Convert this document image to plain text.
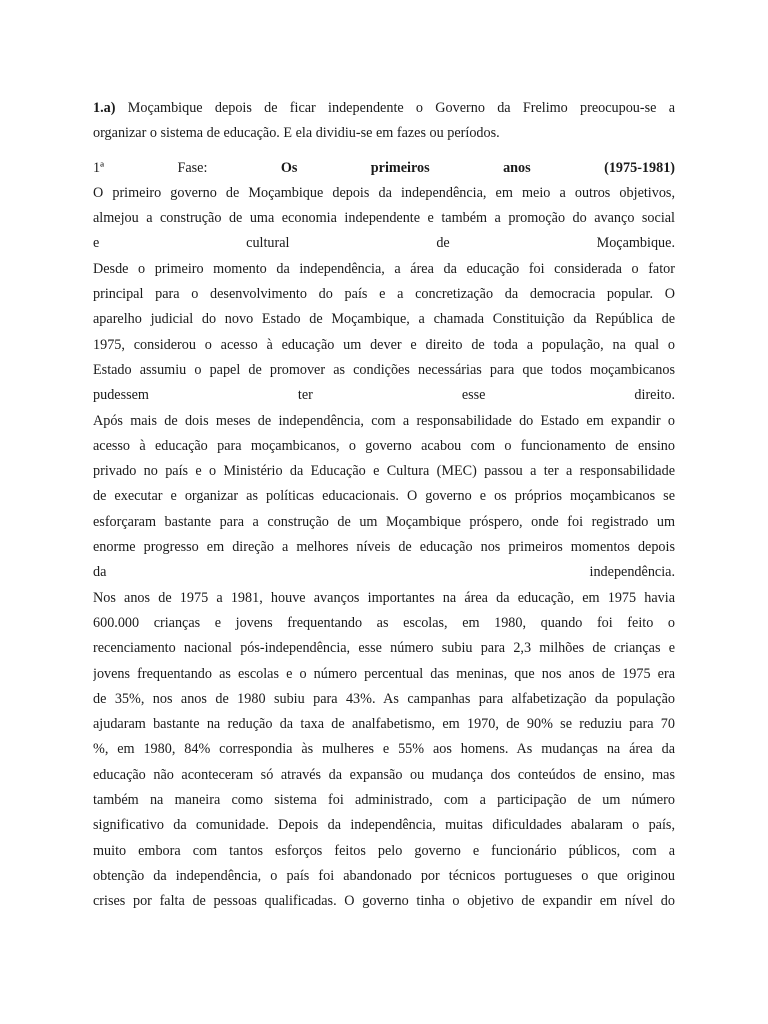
1.a) Moçambique depois de ficar independente o Governo da Frelimo preocupou-se a
organizar o sistema de educação. E ela dividiu-se em fazes ou períodos.
1ª	Fase:	Os	primeiros	anos	(1975-1981)
O primeiro governo de Moçambique depois da independência, em meio a outros objetivos,
almejou a construção de uma economia independente e também a promoção do avanço social
e cultural de Moçambique.
Desde o primeiro momento da independência, a área da educação foi considerada o fator
principal para o desenvolvimento do país e a concretização da democracia popular. O
aparelho judicial do novo Estado de Moçambique, a chamada Constituição da República de
1975, considerou o acesso à educação um dever e direito de toda a população, na qual o
Estado assumiu o papel de promover as condições necessárias para que todos moçambicanos
pudessem ter esse direito.
Após mais de dois meses de independência, com a responsabilidade do Estado em expandir o
acesso à educação para moçambicanos, o governo acabou com o funcionamento de ensino
privado no país e o Ministério da Educação e Cultura (MEC) passou a ter a responsabilidade
de executar e organizar as políticas educacionais. O governo e os próprios moçambicanos se
esforçaram bastante para a construção de um Moçambique próspero, onde foi registrado um
enorme progresso em direção a melhores níveis de educação nos primeiros momentos depois
da independência.
Nos anos de 1975 a 1981, houve avanços importantes na área da educação, em 1975 havia
600.000 crianças e jovens frequentando as escolas, em 1980, quando foi feito o
recenciamento nacional pós-independência, esse número subiu para 2,3 milhões de crianças e
jovens frequentando as escolas e o número percentual das meninas, que nos anos de 1975 era
de 35%, nos anos de 1980 subiu para 43%. As campanhas para alfabetização da população
ajudaram bastante na redução da taxa de analfabetismo, em 1970, de 90% se reduziu para 70
%, em 1980, 84% correspondia às mulheres e 55% aos homens. As mudanças na área da
educação não aconteceram só através da expansão ou mudança dos conteúdos de ensino, mas
também na maneira como sistema foi administrado, com a participação de um número
significativo da comunidade. Depois da independência, muitas dificuldades abalaram o país,
muito embora com tantos esforços feitos pelo governo e funcionário públicos, com a
obtenção da independência, o país foi abandonado por técnicos portugueses o que originou
crises por falta de pessoas qualificadas. O governo tinha o objetivo de expandir em nível do
